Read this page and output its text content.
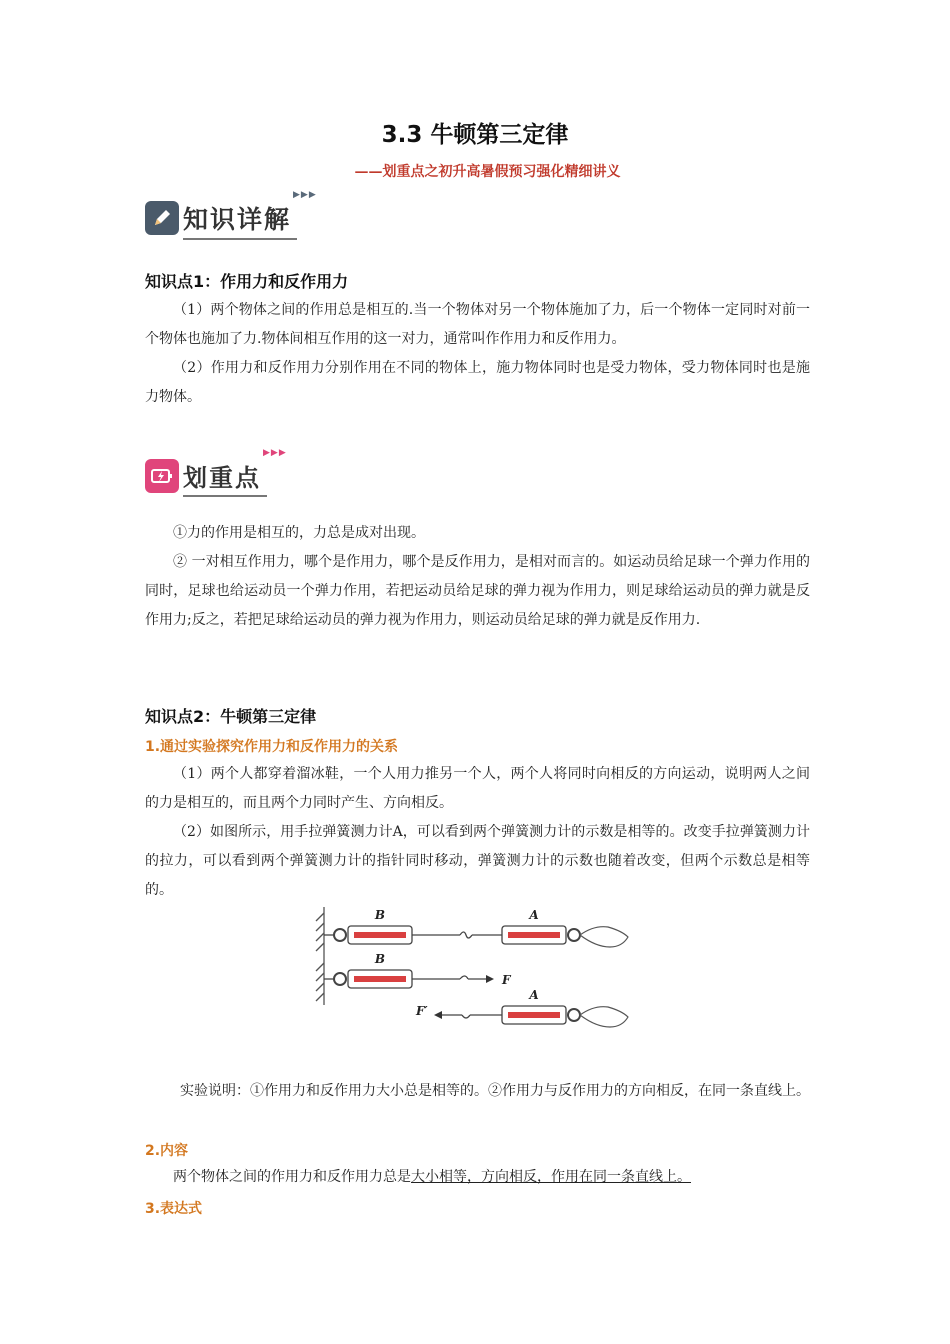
3.3 牛顿第三定律
——划重点之初升高暑假预习强化精细讲义
知识详解
▶▶▶
知识点1：作用力和反作用力

（1）两个物体之间的作用总是相互的.当一个物体对另一个物体施加了力，后一个物体一定同时对前一个物体也施加了力.物体间相互作用的这一对力，通常叫作作用力和反作用力。

（2）作用力和反作用力分别作用在不同的物体上，施力物体同时也是受力物体，受力物体同时也是施力物体。

划重点
▶▶▶

①力的作用是相互的，力总是成对出现。

② 一对相互作用力，哪个是作用力，哪个是反作用力，是相对而言的。如运动员给足球一个弹力作用的同时，足球也给运动员一个弹力作用，若把运动员给足球的弹力视为作用力，则足球给运动员的弹力就是反作用力;反之，若把足球给运动员的弹力视为作用力，则运动员给足球的弹力就是反作用力.

知识点2：牛顿第三定律
1.通过实验探究作用力和反作用力的关系

（1）两个人都穿着溜冰鞋，一个人用力推另一个人，两个人将同时向相反的方向运动，说明两人之间的力是相互的，而且两个力同时产生、方向相反。

（2）如图所示，用手拉弹簧测力计A，可以看到两个弹簧测力计的示数是相等的。改变手拉弹簧测力计的拉力，可以看到两个弹簧测力计的指针同时移动，弹簧测力计的示数也随着改变，但两个示数总是相等的。

B	A
B
F
F′
A

实验说明：①作用力和反作用力大小总是相等的。②作用力与反作用力的方向相反，在同一条直线上。

2.内容

两个物体之间的作用力和反作用力总是大小相等，方向相反，作用在同一条直线上。

3.表达式
